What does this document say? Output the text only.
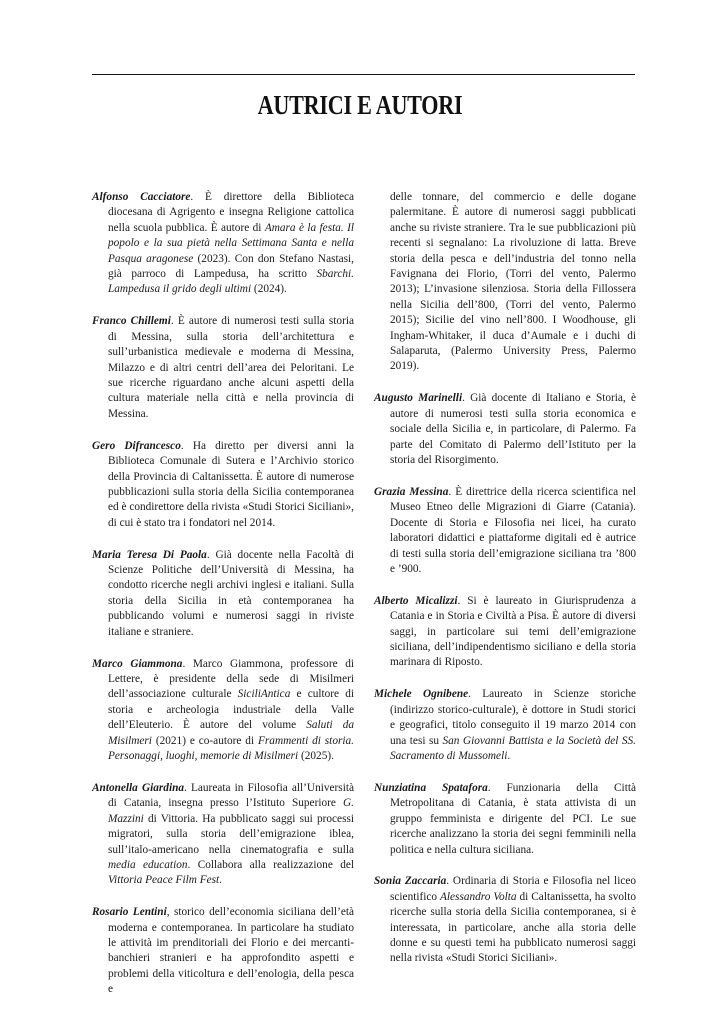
AUTRICI E AUTORI

Alfonso Cacciatore. È direttore della Biblioteca diocesana di Agrigento e insegna Religione cattolica nella scuola pubblica. È autore di Amara è la festa. Il popolo e la sua pietà nella Settimana Santa e nella Pasqua aragonese (2023). Con don Stefano Nastasi, già parroco di Lampedusa, ha scritto Sbarchi. Lampedusa il grido degli ultimi (2024).

Franco Chillemi. È autore di numerosi testi sulla storia di Messina, sulla storia dell’architettura e sull’urbanistica medievale e moderna di Messina, Milazzo e di altri centri dell’area dei Peloritani. Le sue ricerche riguardano anche alcuni aspetti della cultura materiale nella città e nella provincia di Messina.

Gero Difrancesco. Ha diretto per diversi anni la Biblioteca Comunale di Sutera e l’Archivio storico della Provincia di Caltanissetta. È autore di numerose pubblicazioni sulla storia della Sicilia contemporanea ed è condirettore della rivista «Studi Storici Siciliani», di cui è stato tra i fondatori nel 2014.

Maria Teresa Di Paola. Già docente nella Facoltà di Scienze Politiche dell’Università di Messina, ha condotto ricerche negli archivi inglesi e italiani. Sulla storia della Sicilia in età contemporanea ha pubblicando volumi e numerosi saggi in riviste italiane e straniere.

Marco Giammona. Marco Giammona, professore di Lettere, è presidente della sede di Misilmeri dell’associazione culturale SiciliAntica e cultore di storia e archeologia industriale della Valle dell’Eleuterio. È autore del volume Saluti da Misilmeri (2021) e co-autore di Frammenti di storia. Personaggi, luoghi, memorie di Misilmeri (2025).

Antonella Giardina. Laureata in Filosofia all’Università di Catania, insegna presso l’Istituto Superiore G. Mazzini di Vittoria. Ha pubblicato saggi sui processi migratori, sulla storia dell’emigrazione iblea, sull’italo-americano nella cinematografia e sulla media education. Collabora alla realizzazione del Vittoria Peace Film Fest.

Rosario Lentini, storico dell’economia siciliana dell’età moderna e contemporanea. In particolare ha studiato le attività im prenditoriali dei Florio e dei mercanti-banchieri stranieri e ha approfondito aspetti e problemi della viticoltura e dell’enologia, della pesca e

delle tonnare, del commercio e delle dogane palermitane. È autore di numerosi saggi pubblicati anche su riviste straniere. Tra le sue pubblicazioni più recenti si segnalano: La rivoluzione di latta. Breve storia della pesca e dell’industria del tonno nella Favignana dei Florio, (Torri del vento, Palermo 2013); L’invasione silenziosa. Storia della Fillossera nella Sicilia dell’800, (Torri del vento, Palermo 2015); Sicilie del vino nell’800. I Woodhouse, gli Ingham-Whitaker, il duca d’Aumale e i duchi di Salaparuta, (Palermo University Press, Palermo 2019).

Augusto Marinelli. Già docente di Italiano e Storia, è autore di numerosi testi sulla storia economica e sociale della Sicilia e, in particolare, di Palermo. Fa parte del Comitato di Palermo dell’Istituto per la storia del Risorgimento.

Grazia Messina. È direttrice della ricerca scientifica nel Museo Etneo delle Migrazioni di Giarre (Catania). Docente di Storia e Filosofia nei licei, ha curato laboratori didattici e piattaforme digitali ed è autrice di testi sulla storia dell’emigrazione siciliana tra ’800 e ’900.

Alberto Micalizzi. Si è laureato in Giurisprudenza a Catania e in Storia e Civiltà a Pisa. È autore di diversi saggi, in particolare sui temi dell’emigrazione siciliana, dell’indipendentismo siciliano e della storia marinara di Riposto.

Michele Ognibene. Laureato in Scienze storiche (indirizzo storico-culturale), è dottore in Studi storici e geografici, titolo conseguito il 19 marzo 2014 con una tesi su San Giovanni Battista e la Società del SS. Sacramento di Mussomeli.

Nunziatina Spatafora. Funzionaria della Città Metropolitana di Catania, è stata attivista di un gruppo femminista e dirigente del PCI. Le sue ricerche analizzano la storia dei segni femminili nella politica e nella cultura siciliana.

Sonia Zaccaria. Ordinaria di Storia e Filosofia nel liceo scientifico Alessandro Volta di Caltanissetta, ha svolto ricerche sulla storia della Sicilia contemporanea, si è interessata, in particolare, anche alla storia delle donne e su questi temi ha pubblicato numerosi saggi nella rivista «Studi Storici Siciliani».
